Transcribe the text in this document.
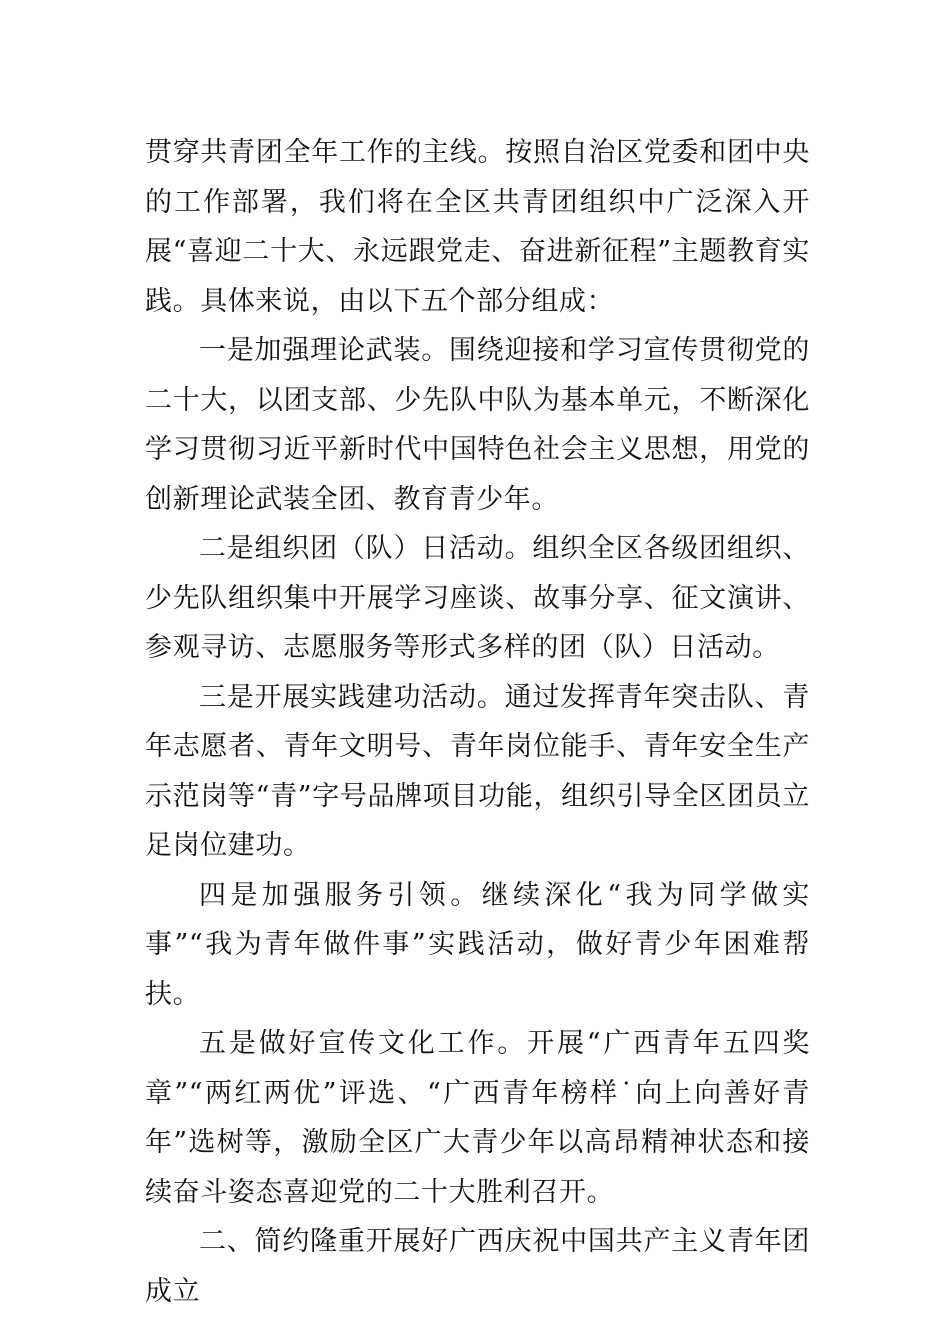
贯穿共青团全年工作的主线。按照自治区党委和团中央的工作部署，我们将在全区共青团组织中广泛深入开展“喜迎二十大、永远跟党走、奋进新征程”主题教育实践。具体来说，由以下五个部分组成：

一是加强理论武装。围绕迎接和学习宣传贯彻党的二十大，以团支部、少先队中队为基本单元，不断深化学习贯彻习近平新时代中国特色社会主义思想，用党的创新理论武装全团、教育青少年。

二是组织团（队）日活动。组织全区各级团组织、少先队组织集中开展学习座谈、故事分享、征文演讲、参观寻访、志愿服务等形式多样的团（队）日活动。

三是开展实践建功活动。通过发挥青年突击队、青年志愿者、青年文明号、青年岗位能手、青年安全生产示范岗等“青”字号品牌项目功能，组织引导全区团员立足岗位建功。

四是加强服务引领。继续深化“我为同学做实事”“我为青年做件事”实践活动，做好青少年困难帮扶。

五是做好宣传文化工作。开展“广西青年五四奖章”“两红两优”评选、“广西青年榜样˙向上向善好青年”选树等，激励全区广大青少年以高昂精神状态和接续奋斗姿态喜迎党的二十大胜利召开。

二、简约隆重开展好广西庆祝中国共产主义青年团成立
